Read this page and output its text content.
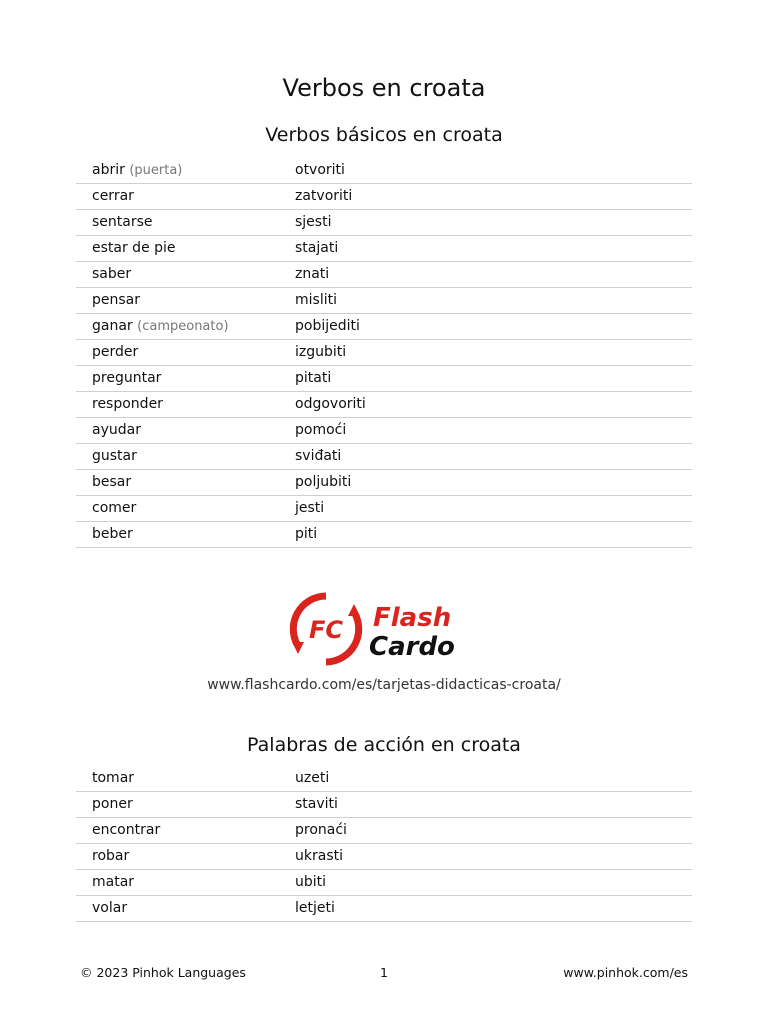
Verbos en croata
Verbos básicos en croata
abrir (puerta)	otvoriti
cerrar	zatvoriti
sentarse	sjesti
estar de pie	stajati
saber	znati
pensar	misliti
ganar (campeonato)	pobijediti
perder	izgubiti
preguntar	pitati
responder	odgovoriti
ayudar	pomoći
gustar	sviđati
besar	poljubiti
comer	jesti
beber	piti
FC Flash
Cardo
www.flashcardo.com/es/tarjetas-didacticas-croata/
Palabras de acción en croata
tomar	uzeti
poner	staviti
encontrar	pronaći
robar	ukrasti
matar	ubiti
volar	letjeti
© 2023 Pinhok Languages	1	www.pinhok.com/es
